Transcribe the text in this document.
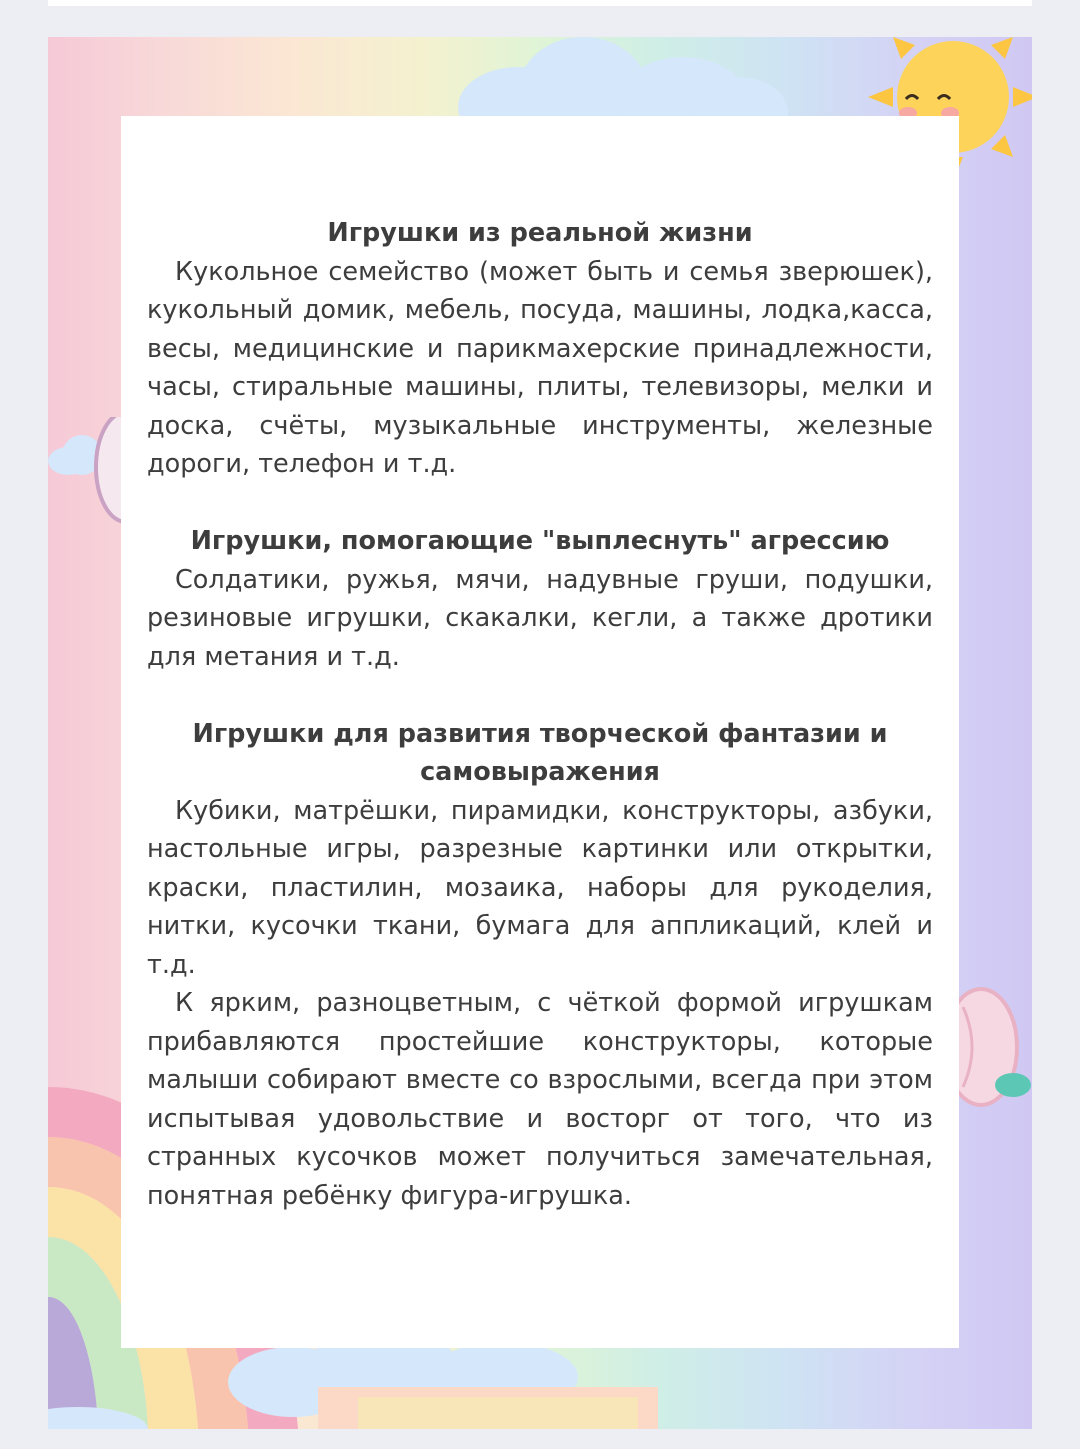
Игрушки из реальной жизни

Кукольное семейство (может быть и семья зверюшек), кукольный домик, мебель, посуда, машины, лодка,касса, весы, медицинские и парикмахерские принадлежности, часы, стиральные машины, плиты, телевизоры, мелки и доска, счёты, музыкальные инструменты, железные дороги, телефон и т.д.

Игрушки, помогающие "выплеснуть" агрессию

Солдатики, ружья, мячи, надувные груши, подушки, резиновые игрушки, скакалки, кегли, а также дротики для метания и т.д.

Игрушки для развития творческой фантазии и самовыражения

Кубики, матрёшки, пирамидки, конструкторы, азбуки, настольные игры, разрезные картинки или открытки, краски, пластилин, мозаика, наборы для рукоделия, нитки, кусочки ткани, бумага для аппликаций, клей и т.д.

К ярким, разноцветным, с чёткой формой игрушкам прибавляются простейшие конструкторы, которые малыши собирают вместе со взрослыми, всегда при этом испытывая удовольствие и восторг от того, что из странных кусочков может получиться замечательная, понятная ребёнку фигура-игрушка.
